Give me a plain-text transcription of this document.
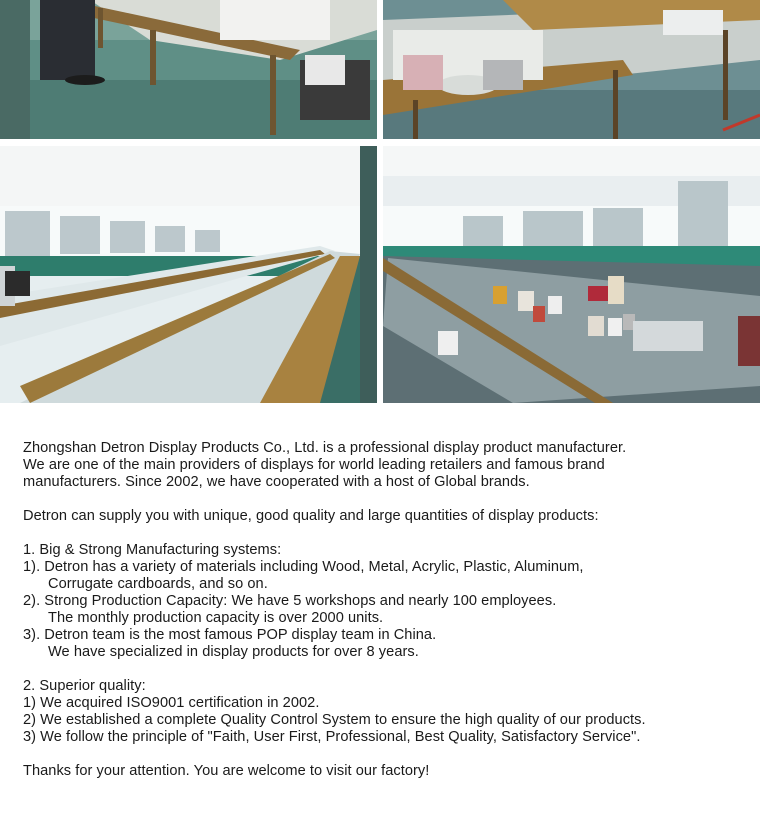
Zhongshan Detron Display Products Co., Ltd. is a professional display product manufacturer.

We are one of the main providers of displays for world leading retailers and famous brand

manufacturers. Since 2002, we have cooperated with a host of Global brands.

Detron can supply you with unique, good quality and large quantities of display products:

1. Big & Strong Manufacturing systems:

1). Detron has a variety of materials including Wood, Metal, Acrylic, Plastic, Aluminum,

Corrugate cardboards, and so on.

2). Strong Production Capacity: We have 5 workshops and nearly 100 employees.

The monthly production capacity is over 2000 units.

3). Detron team is the most famous POP display team in China.

We have specialized in display products for over 8 years.

2. Superior quality:

1) We acquired ISO9001 certification in 2002.

2) We established a complete Quality Control System to ensure the high quality of our products.

3) We follow the principle of "Faith, User First, Professional, Best Quality, Satisfactory Service".

Thanks for your attention. You are welcome to visit our factory!
